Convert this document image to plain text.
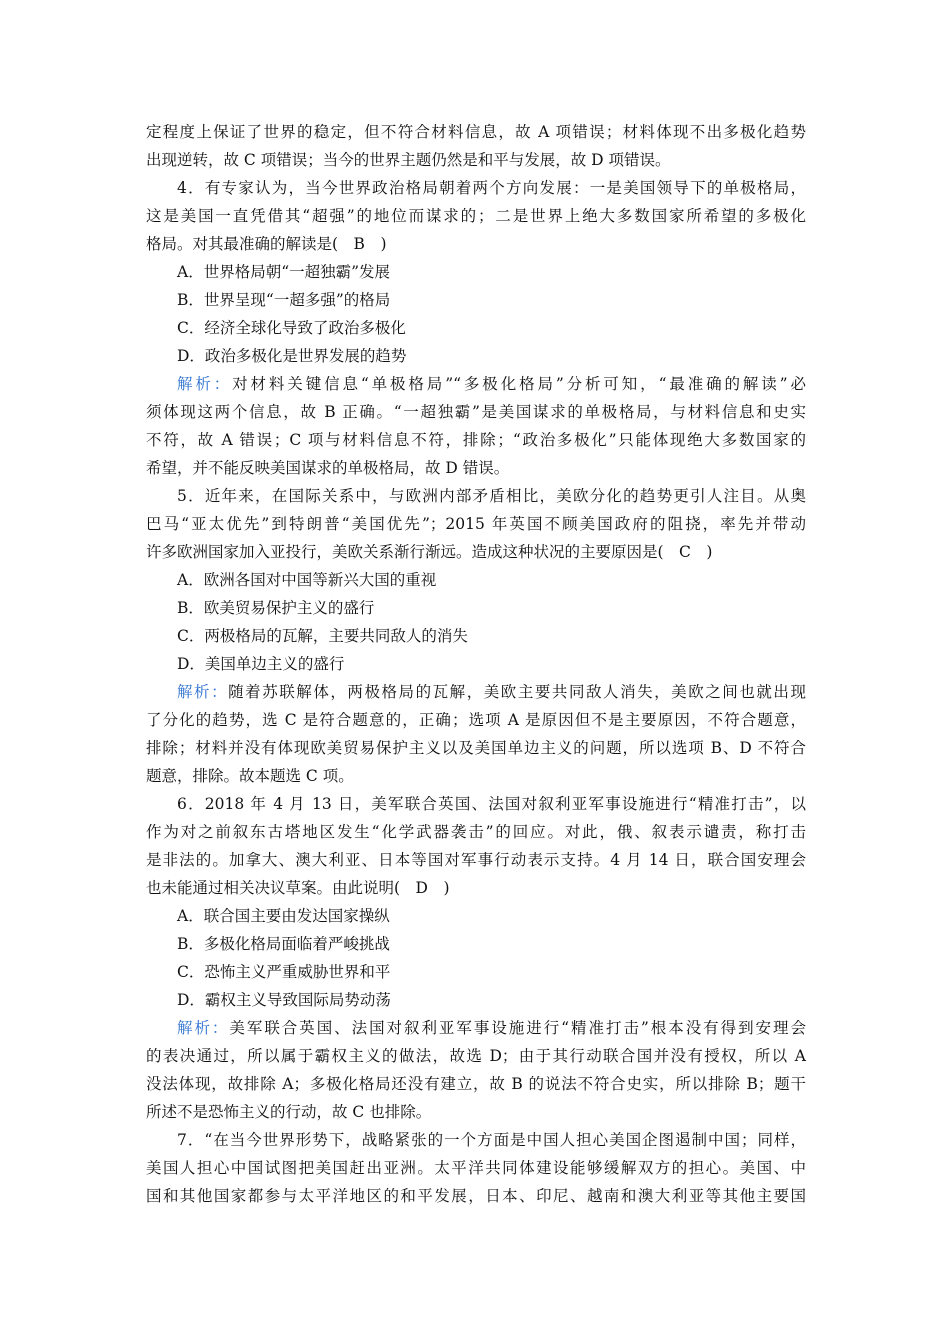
定程度上保证了世界的稳定，但不符合材料信息，故 A 项错误；材料体现不出多极化趋势
出现逆转，故 C 项错误；当今的世界主题仍然是和平与发展，故 D 项错误。
4．有专家认为，当今世界政治格局朝着两个方向发展：一是美国领导下的单极格局，
这是美国一直凭借其“超强”的地位而谋求的；二是世界上绝大多数国家所希望的多极化
格局。对其最准确的解读是(　B　)
A．世界格局朝“一超独霸”发展
B．世界呈现“一超多强”的格局
C．经济全球化导致了政治多极化
D．政治多极化是世界发展的趋势
解析：对材料关键信息“单极格局”“多极化格局”分析可知，“最准确的解读”必
须体现这两个信息，故 B 正确。“一超独霸”是美国谋求的单极格局，与材料信息和史实
不符，故 A 错误；C 项与材料信息不符，排除；“政治多极化”只能体现绝大多数国家的
希望，并不能反映美国谋求的单极格局，故 D 错误。
5．近年来，在国际关系中，与欧洲内部矛盾相比，美欧分化的趋势更引人注目。从奥
巴马“亚太优先”到特朗普“美国优先”；2015 年英国不顾美国政府的阻挠，率先并带动
许多欧洲国家加入亚投行，美欧关系渐行渐远。造成这种状况的主要原因是(　C　)
A．欧洲各国对中国等新兴大国的重视
B．欧美贸易保护主义的盛行
C．两极格局的瓦解，主要共同敌人的消失
D．美国单边主义的盛行
解析：随着苏联解体，两极格局的瓦解，美欧主要共同敌人消失，美欧之间也就出现
了分化的趋势，选 C 是符合题意的，正确；选项 A 是原因但不是主要原因，不符合题意，
排除；材料并没有体现欧美贸易保护主义以及美国单边主义的问题，所以选项 B、D 不符合
题意，排除。故本题选 C 项。
6．2018 年 4 月 13 日，美军联合英国、法国对叙利亚军事设施进行“精准打击”，以
作为对之前叙东古塔地区发生“化学武器袭击”的回应。对此，俄、叙表示谴责，称打击
是非法的。加拿大、澳大利亚、日本等国对军事行动表示支持。4 月 14 日，联合国安理会
也未能通过相关决议草案。由此说明(　D　)
A．联合国主要由发达国家操纵
B．多极化格局面临着严峻挑战
C．恐怖主义严重威胁世界和平
D．霸权主义导致国际局势动荡
解析：美军联合英国、法国对叙利亚军事设施进行“精准打击”根本没有得到安理会
的表决通过，所以属于霸权主义的做法，故选 D；由于其行动联合国并没有授权，所以 A
没法体现，故排除 A；多极化格局还没有建立，故 B 的说法不符合史实，所以排除 B；题干
所述不是恐怖主义的行动，故 C 也排除。
7．“在当今世界形势下，战略紧张的一个方面是中国人担心美国企图遏制中国；同样，
美国人担心中国试图把美国赶出亚洲。太平洋共同体建设能够缓解双方的担心。美国、中
国和其他国家都参与太平洋地区的和平发展，日本、印尼、越南和澳大利亚等其他主要国
